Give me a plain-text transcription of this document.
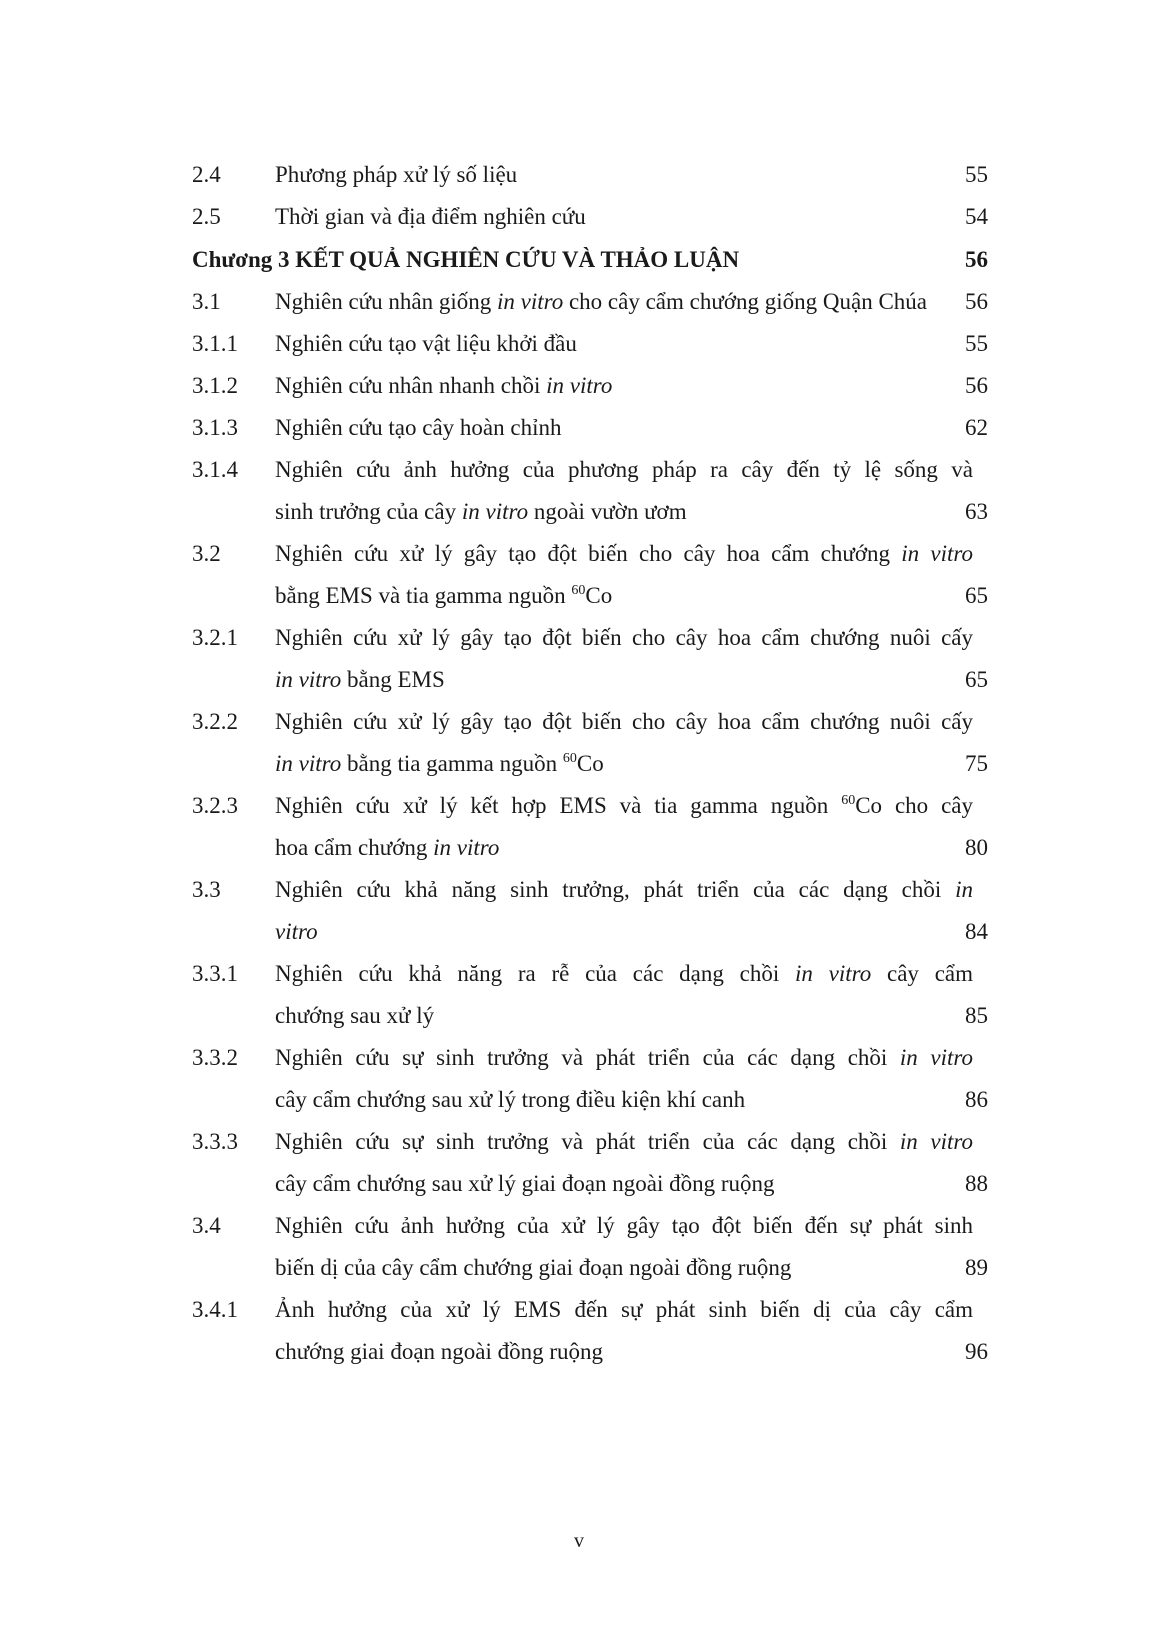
2.4 Phương pháp xử lý số liệu	55
2.5 Thời gian và địa điểm nghiên cứu	54
Chương 3 KẾT QUẢ NGHIÊN CỨU VÀ THẢO LUẬN	56
3.1 Nghiên cứu nhân giống in vitro cho cây cẩm chướng giống Quận Chúa 56
3.1.1 Nghiên cứu tạo vật liệu khởi đầu	55
3.1.2 Nghiên cứu nhân nhanh chồi in vitro	56
3.1.3 Nghiên cứu tạo cây hoàn chỉnh	62
3.1.4 Nghiên cứu ảnh hưởng của phương pháp ra cây đến tỷ lệ sống và
sinh trưởng của cây in vitro ngoài vườn ươm	63
3.2 Nghiên cứu xử lý gây tạo đột biến cho cây hoa cẩm chướng in vitro
bằng EMS và tia gamma nguồn $^{60}$Co	65
3.2.1 Nghiên cứu xử lý gây tạo đột biến cho cây hoa cẩm chướng nuôi cấy
in vitro bằng EMS	65
3.2.2 Nghiên cứu xử lý gây tạo đột biến cho cây hoa cẩm chướng nuôi cấy
in vitro bằng tia gamma nguồn $^{60}$Co	75
3.2.3 Nghiên cứu xử lý kết hợp EMS và tia gamma nguồn $^{60}$Co cho cây
hoa cẩm chướng in vitro	80
3.3 Nghiên cứu khả năng sinh trưởng, phát triển của các dạng chồi in
vitro	84
3.3.1 Nghiên cứu khả năng ra rễ của các dạng chồi in vitro cây cẩm
chướng sau xử lý	85
3.3.2 Nghiên cứu sự sinh trưởng và phát triển của các dạng chồi in vitro
cây cẩm chướng sau xử lý trong điều kiện khí canh	86
3.3.3 Nghiên cứu sự sinh trưởng và phát triển của các dạng chồi in vitro
cây cẩm chướng sau xử lý giai đoạn ngoài đồng ruộng	88
3.4 Nghiên cứu ảnh hưởng của xử lý gây tạo đột biến đến sự phát sinh
biến dị của cây cẩm chướng giai đoạn ngoài đồng ruộng	89
3.4.1 Ảnh hưởng của xử lý EMS đến sự phát sinh biến dị của cây cẩm
chướng giai đoạn ngoài đồng ruộng	96
v
